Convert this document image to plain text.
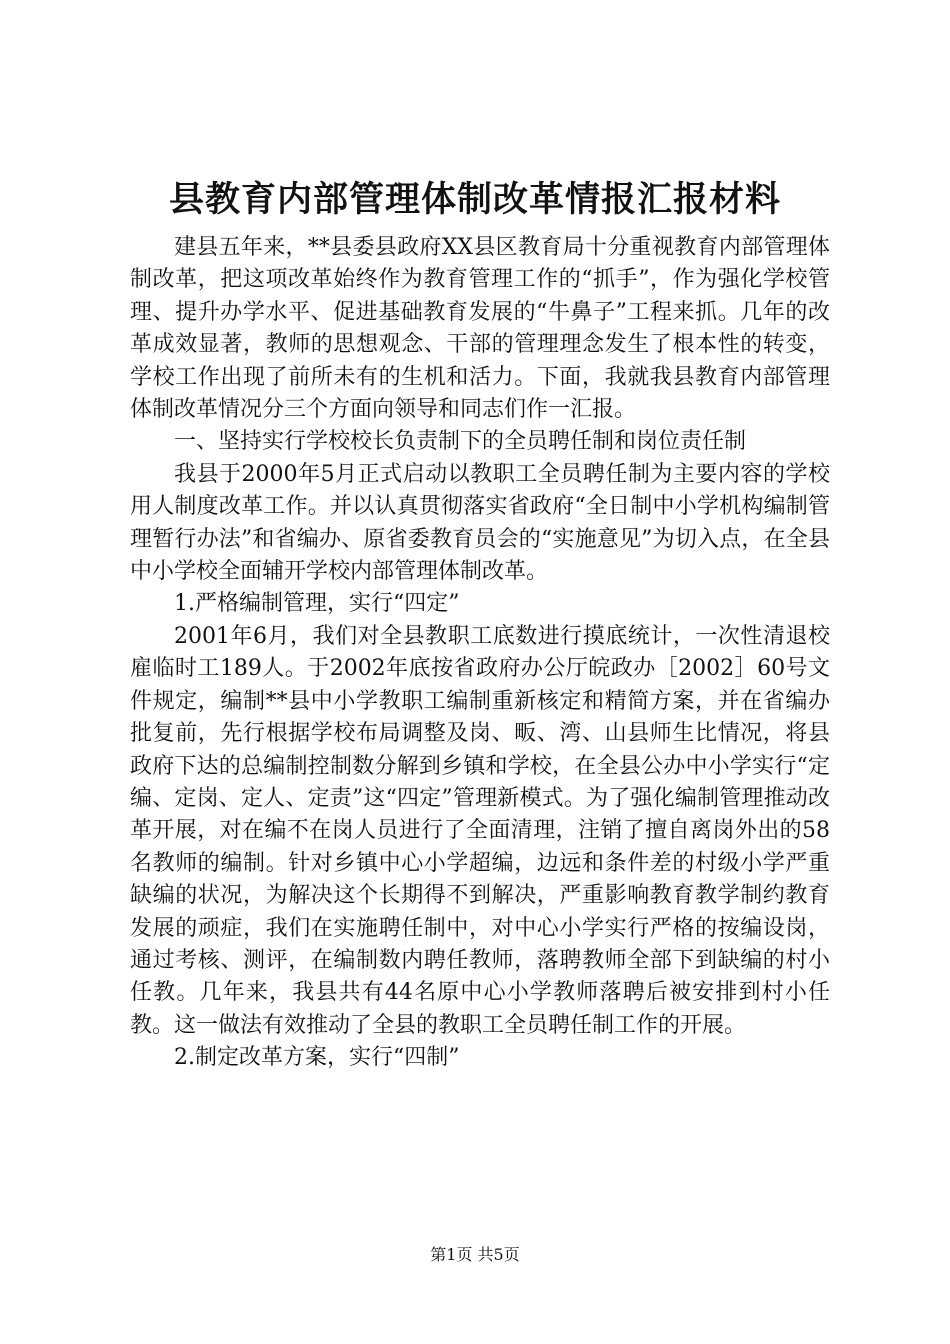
县教育内部管理体制改革情报汇报材料

建县五年来，**县委县政府XX县区教育局十分重视教育内部管理体制改革，把这项改革始终作为教育管理工作的“抓手”，作为强化学校管理、提升办学水平、促进基础教育发展的“牛鼻子”工程来抓。几年的改革成效显著，教师的思想观念、干部的管理理念发生了根本性的转变，学校工作出现了前所未有的生机和活力。下面，我就我县教育内部管理体制改革情况分三个方面向领导和同志们作一汇报。

一、坚持实行学校校长负责制下的全员聘任制和岗位责任制

我县于2000年5月正式启动以教职工全员聘任制为主要内容的学校用人制度改革工作。并以认真贯彻落实省政府“全日制中小学机构编制管理暂行办法”和省编办、原省委教育员会的“实施意见”为切入点，在全县中小学校全面辅开学校内部管理体制改革。

1.严格编制管理，实行“四定”

2001年6月，我们对全县教职工底数进行摸底统计，一次性清退校雇临时工189人。于2002年底按省政府办公厅皖政办［2002］60号文件规定，编制**县中小学教职工编制重新核定和精简方案，并在省编办批复前，先行根据学校布局调整及岗、畈、湾、山县师生比情况，将县政府下达的总编制控制数分解到乡镇和学校，在全县公办中小学实行“定编、定岗、定人、定责”这“四定”管理新模式。为了强化编制管理推动改革开展，对在编不在岗人员进行了全面清理，注销了擅自离岗外出的58名教师的编制。针对乡镇中心小学超编，边远和条件差的村级小学严重缺编的状况，为解决这个长期得不到解决，严重影响教育教学制约教育发展的顽症，我们在实施聘任制中，对中心小学实行严格的按编设岗，通过考核、测评，在编制数内聘任教师，落聘教师全部下到缺编的村小任教。几年来，我县共有44名原中心小学教师落聘后被安排到村小任教。这一做法有效推动了全县的教职工全员聘任制工作的开展。

2.制定改革方案，实行“四制”

第1页 共5页
